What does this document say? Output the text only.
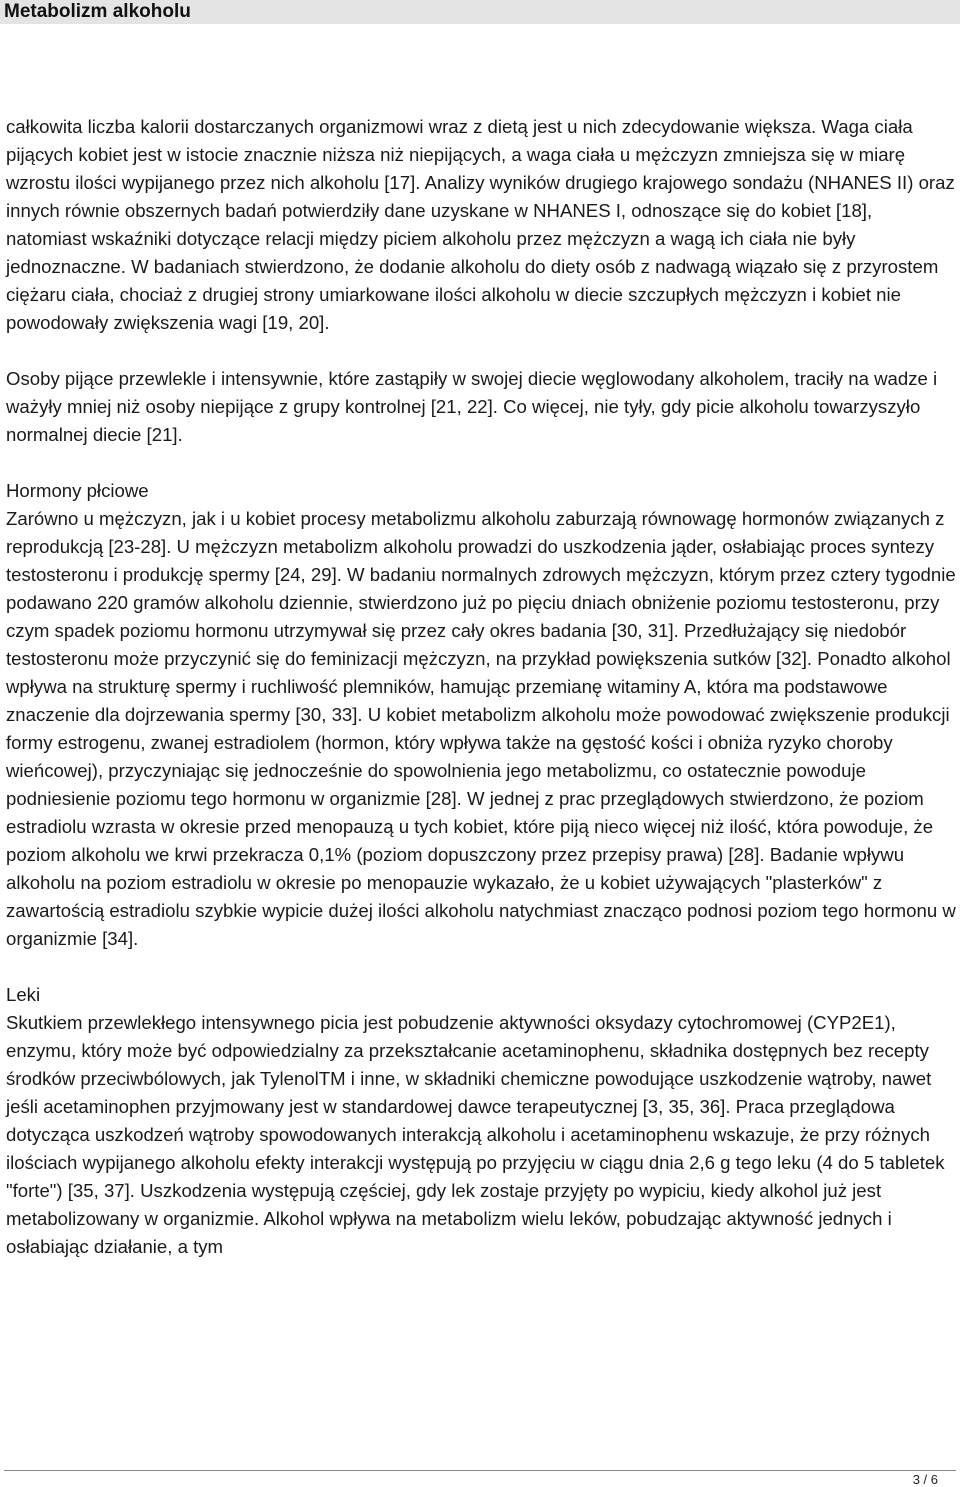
Metabolizm alkoholu

całkowita liczba kalorii dostarczanych organizmowi wraz z dietą jest u nich zdecydowanie większa. Waga ciała pijących kobiet jest w istocie znacznie niższa niż niepijących, a waga ciała u mężczyzn zmniejsza się w miarę wzrostu ilości wypijanego przez nich alkoholu [17]. Analizy wyników drugiego krajowego sondażu (NHANES II) oraz innych równie obszernych badań potwierdziły dane uzyskane w NHANES I, odnoszące się do kobiet [18], natomiast wskaźniki dotyczące relacji między piciem alkoholu przez mężczyzn a wagą ich ciała nie były jednoznaczne. W badaniach stwierdzono, że dodanie alkoholu do diety osób z nadwagą wiązało się z przyrostem ciężaru ciała, chociaż z drugiej strony umiarkowane ilości alkoholu w diecie szczupłych mężczyzn i kobiet nie powodowały zwiększenia wagi [19, 20].

Osoby pijące przewlekle i intensywnie, które zastąpiły w swojej diecie węglowodany alkoholem, traciły na wadze i ważyły mniej niż osoby niepijące z grupy kontrolnej [21, 22]. Co więcej, nie tyły, gdy picie alkoholu towarzyszyło normalnej diecie [21].

Hormony płciowe
Zarówno u mężczyzn, jak i u kobiet procesy metabolizmu alkoholu zaburzają równowagę hormonów związanych z reprodukcją [23-28]. U mężczyzn metabolizm alkoholu prowadzi do uszkodzenia jąder, osłabiając proces syntezy testosteronu i produkcję spermy [24, 29]. W badaniu normalnych zdrowych mężczyzn, którym przez cztery tygodnie podawano 220 gramów alkoholu dziennie, stwierdzono już po pięciu dniach obniżenie poziomu testosteronu, przy czym spadek poziomu hormonu utrzymywał się przez cały okres badania [30, 31]. Przedłużający się niedobór testosteronu może przyczynić się do feminizacji mężczyzn, na przykład powiększenia sutków [32]. Ponadto alkohol wpływa na strukturę spermy i ruchliwość plemników, hamując przemianę witaminy A, która ma podstawowe znaczenie dla dojrzewania spermy [30, 33]. U kobiet metabolizm alkoholu może powodować zwiększenie produkcji formy estrogenu, zwanej estradiolem (hormon, który wpływa także na gęstość kości i obniża ryzyko choroby wieńcowej), przyczyniając się jednocześnie do spowolnienia jego metabolizmu, co ostatecznie powoduje podniesienie poziomu tego hormonu w organizmie [28]. W jednej z prac przeglądowych stwierdzono, że poziom estradiolu wzrasta w okresie przed menopauzą u tych kobiet, które piją nieco więcej niż ilość, która powoduje, że poziom alkoholu we krwi przekracza 0,1% (poziom dopuszczony przez przepisy prawa) [28]. Badanie wpływu alkoholu na poziom estradiolu w okresie po menopauzie wykazało, że u kobiet używających "plasterków" z zawartością estradiolu szybkie wypicie dużej ilości alkoholu natychmiast znacząco podnosi poziom tego hormonu w organizmie [34].
Leki
Skutkiem przewlekłego intensywnego picia jest pobudzenie aktywności oksydazy cytochromowej (CYP2E1), enzymu, który może być odpowiedzialny za przekształcanie acetaminophenu, składnika dostępnych bez recepty środków przeciwbólowych, jak TylenolTM i inne, w składniki chemiczne powodujące uszkodzenie wątroby, nawet jeśli acetaminophen przyjmowany jest w standardowej dawce terapeutycznej [3, 35, 36]. Praca przeglądowa dotycząca uszkodzeń wątroby spowodowanych interakcją alkoholu i acetaminophenu wskazuje, że przy różnych ilościach wypijanego alkoholu efekty interakcji występują po przyjęciu w ciągu dnia 2,6 g tego leku (4 do 5 tabletek "forte") [35, 37]. Uszkodzenia występują częściej, gdy lek zostaje przyjęty po wypiciu, kiedy alkohol już jest metabolizowany w organizmie. Alkohol wpływa na metabolizm wielu leków, pobudzając aktywność jednych i osłabiając działanie, a tym
3 / 6
